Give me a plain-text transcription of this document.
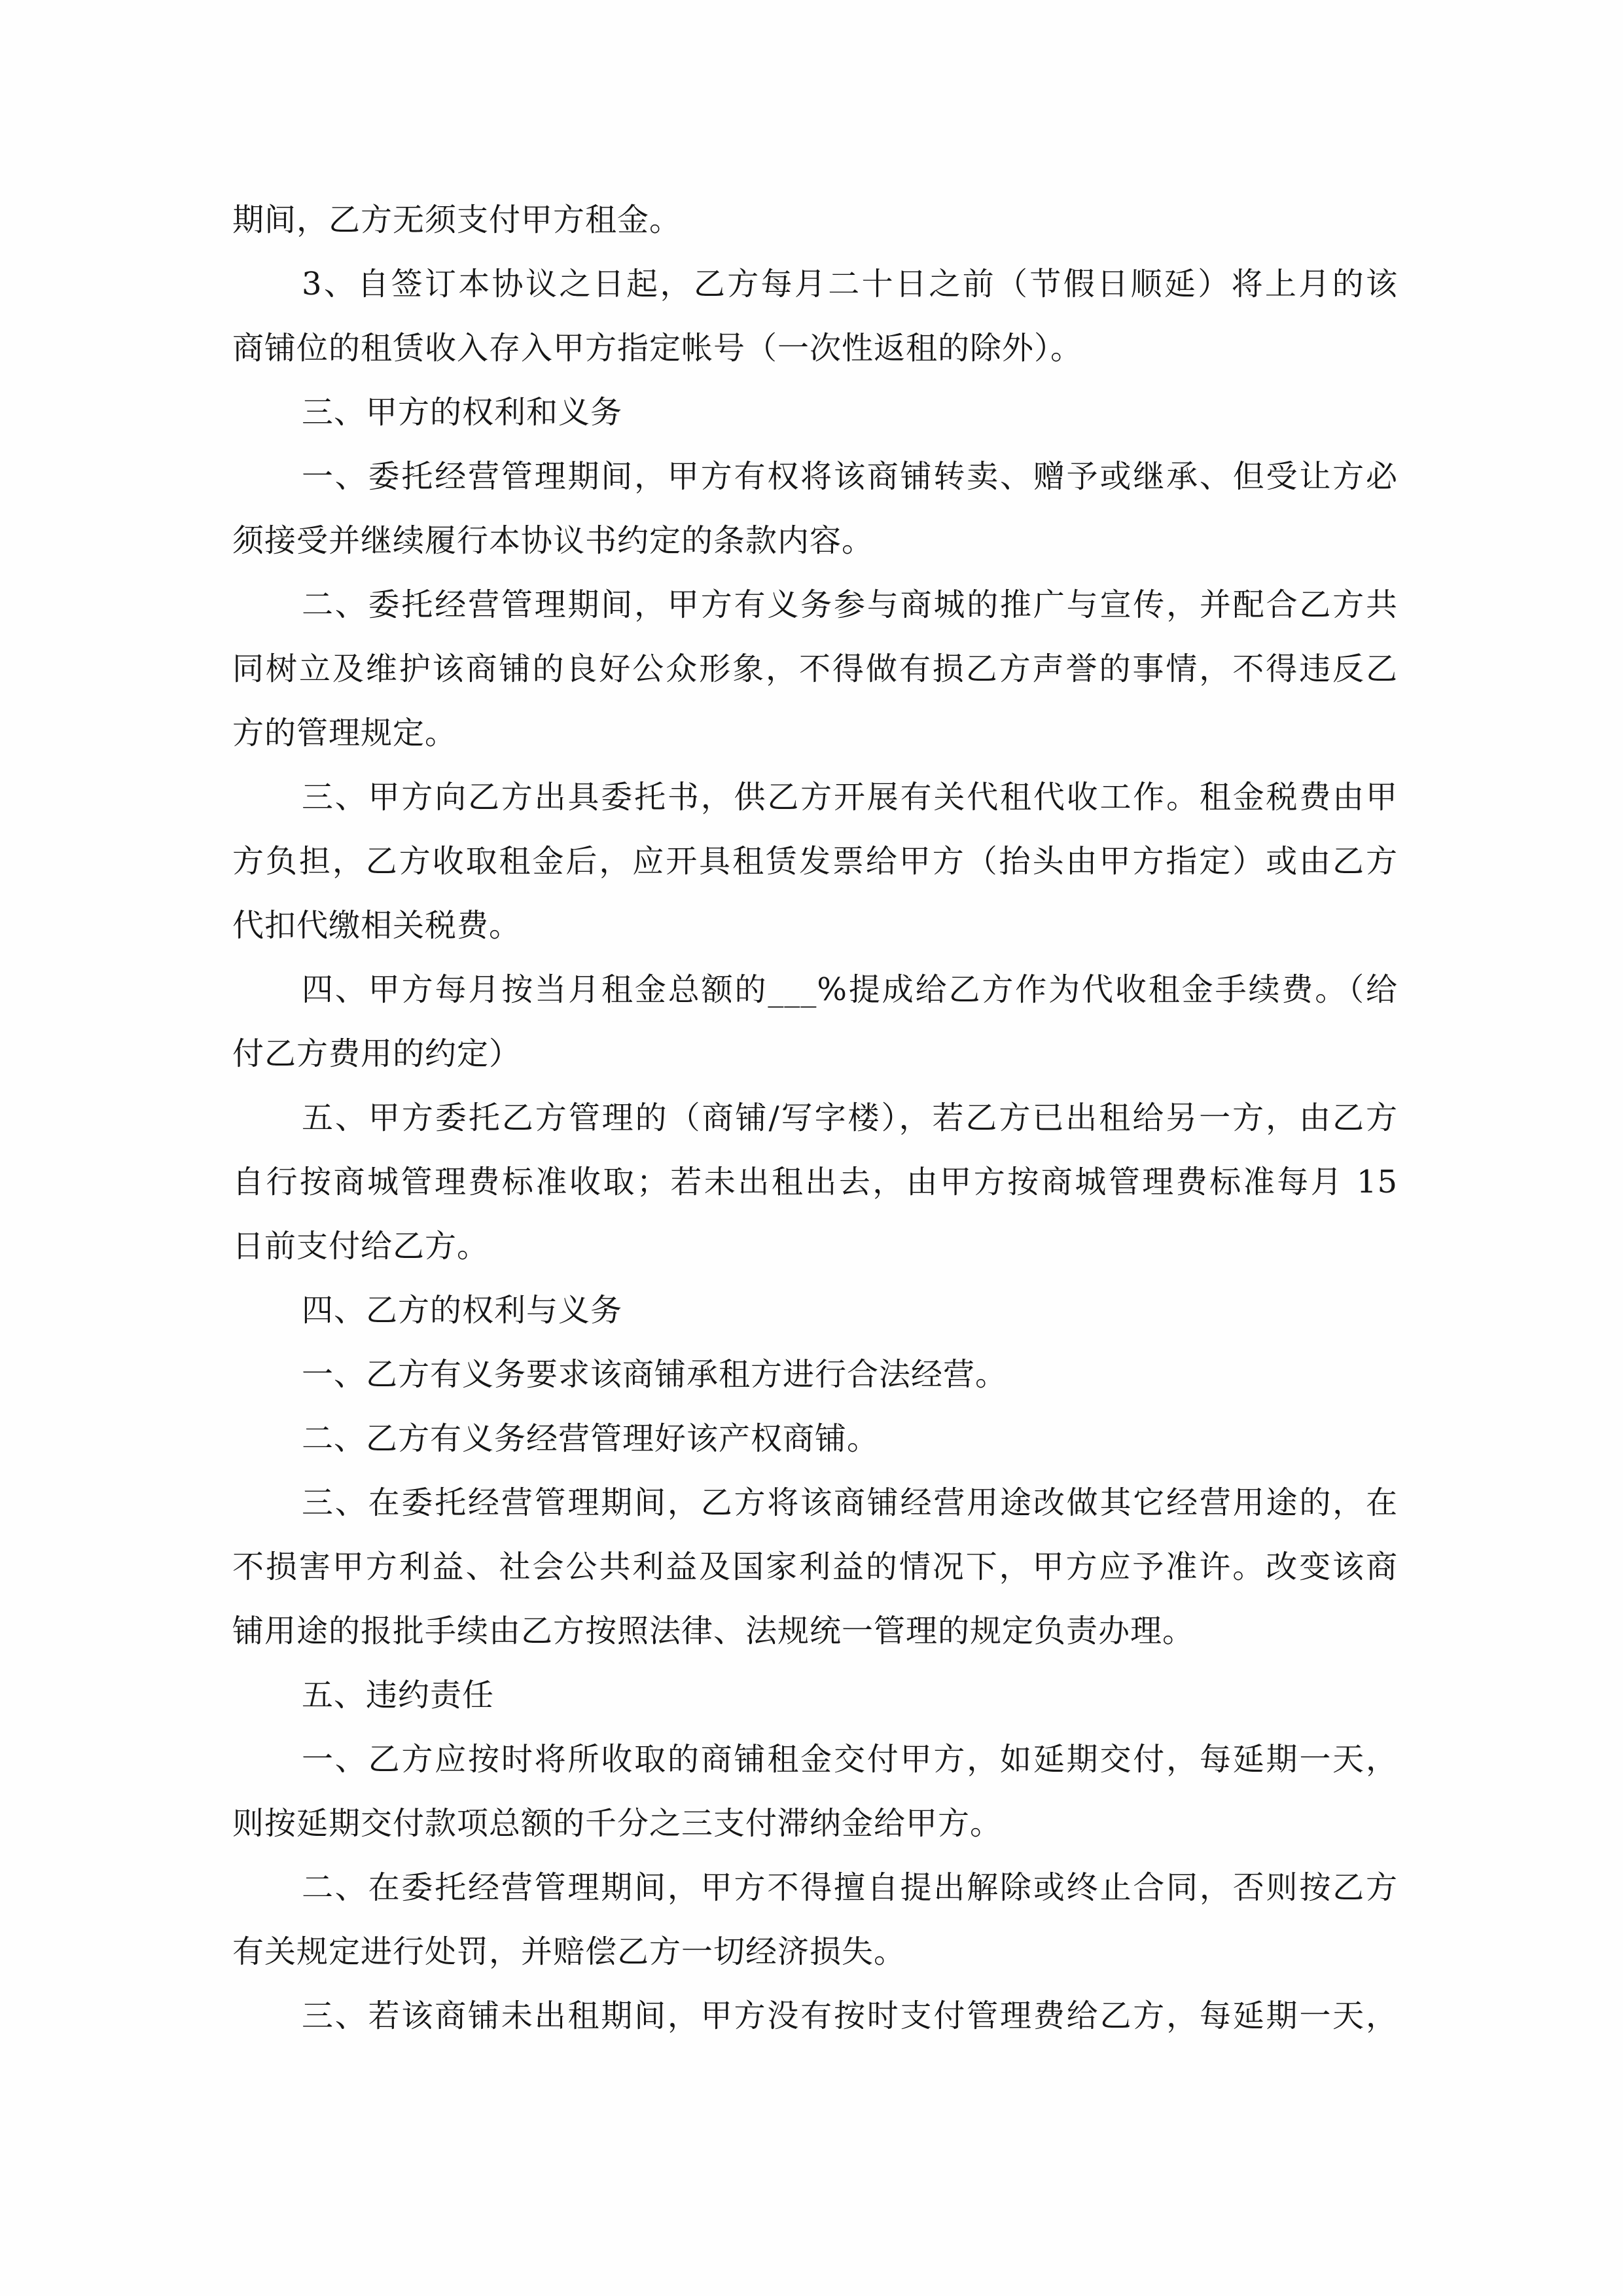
期间，乙方无须支付甲方租金。
3、自签订本协议之日起，乙方每月二十日之前（节假日顺延）将上月的该
商铺位的租赁收入存入甲方指定帐号（一次性返租的除外）。
三、甲方的权利和义务
一、委托经营管理期间，甲方有权将该商铺转卖、赠予或继承、但受让方必
须接受并继续履行本协议书约定的条款内容。
二、委托经营管理期间，甲方有义务参与商城的推广与宣传，并配合乙方共
同树立及维护该商铺的良好公众形象，不得做有损乙方声誉的事情，不得违反乙
方的管理规定。
三、甲方向乙方出具委托书，供乙方开展有关代租代收工作。租金税费由甲
方负担，乙方收取租金后，应开具租赁发票给甲方（抬头由甲方指定）或由乙方
代扣代缴相关税费。
四、甲方每月按当月租金总额的___%提成给乙方作为代收租金手续费。（给
付乙方费用的约定）
五、甲方委托乙方管理的（商铺/写字楼），若乙方已出租给另一方，由乙方
自行按商城管理费标准收取；若未出租出去，由甲方按商城管理费标准每月 15
日前支付给乙方。
四、乙方的权利与义务
一、乙方有义务要求该商铺承租方进行合法经营。
二、乙方有义务经营管理好该产权商铺。
三、在委托经营管理期间，乙方将该商铺经营用途改做其它经营用途的，在
不损害甲方利益、社会公共利益及国家利益的情况下，甲方应予准许。改变该商
铺用途的报批手续由乙方按照法律、法规统一管理的规定负责办理。
五、违约责任
一、乙方应按时将所收取的商铺租金交付甲方，如延期交付，每延期一天，
则按延期交付款项总额的千分之三支付滞纳金给甲方。
二、在委托经营管理期间，甲方不得擅自提出解除或终止合同，否则按乙方
有关规定进行处罚，并赔偿乙方一切经济损失。
三、若该商铺未出租期间，甲方没有按时支付管理费给乙方，每延期一天，
